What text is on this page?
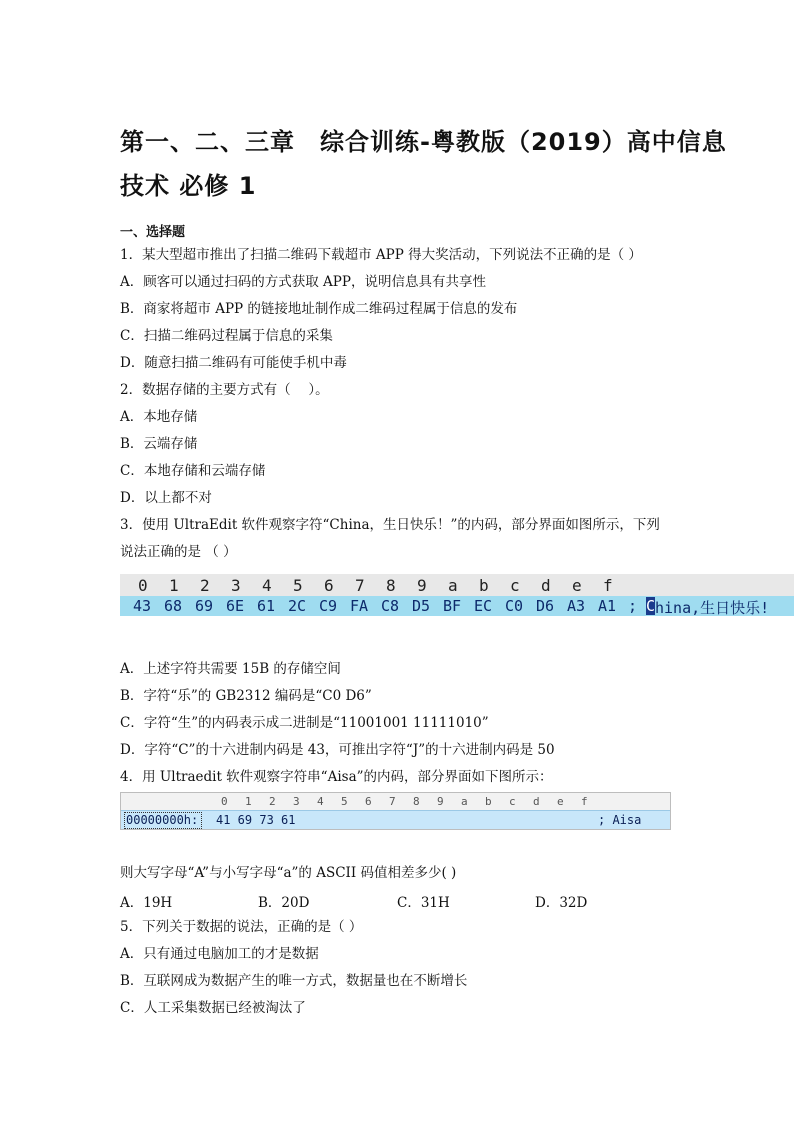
第一、二、三章　综合训练-粤教版（2019）高中信息
技术 必修 1
一、选择题
1．某大型超市推出了扫描二维码下载超市 APP 得大奖活动，下列说法不正确的是（ ）
A．顾客可以通过扫码的方式获取 APP，说明信息具有共享性
B．商家将超市 APP 的链接地址制作成二维码过程属于信息的发布
C．扫描二维码过程属于信息的采集
D．随意扫描二维码有可能使手机中毒
2．数据存储的主要方式有（　 ）。
A．本地存储
B．云端存储
C．本地存储和云端存储
D．以上都不对
3．使用 UltraEdit 软件观察字符“China，生日快乐！”的内码，部分界面如图所示，下列
说法正确的是 （ ）
0 1 2 3 4 5 6 7 8 9 a b c d e f
43 68 69 6E 61 2C C9 FA C8 D5 BF EC C0 D6 A3 A1 ; C hina,生日快乐!
A．上述字符共需要 15B 的存储空间
B．字符“乐”的 GB2312 编码是“C0 D6”
C．字符“生”的内码表示成二进制是“11001001 11111010”
D．字符“C”的十六进制内码是 43，可推出字符“J”的十六进制内码是 50
4．用 Ultraedit 软件观察字符串“Aisa”的内码，部分界面如下图所示：
0 1 2 3 4 5 6 7 8 9 a b c d e f
00000000h: 41 69 73 61	; Aisa
则大写字母“A”与小写字母“a”的 ASCII 码值相差多少( )
A．19H	B．20D	C．31H	D．32D
5．下列关于数据的说法，正确的是（ ）
A．只有通过电脑加工的才是数据
B．互联网成为数据产生的唯一方式，数据量也在不断增长
C．人工采集数据已经被淘汰了
